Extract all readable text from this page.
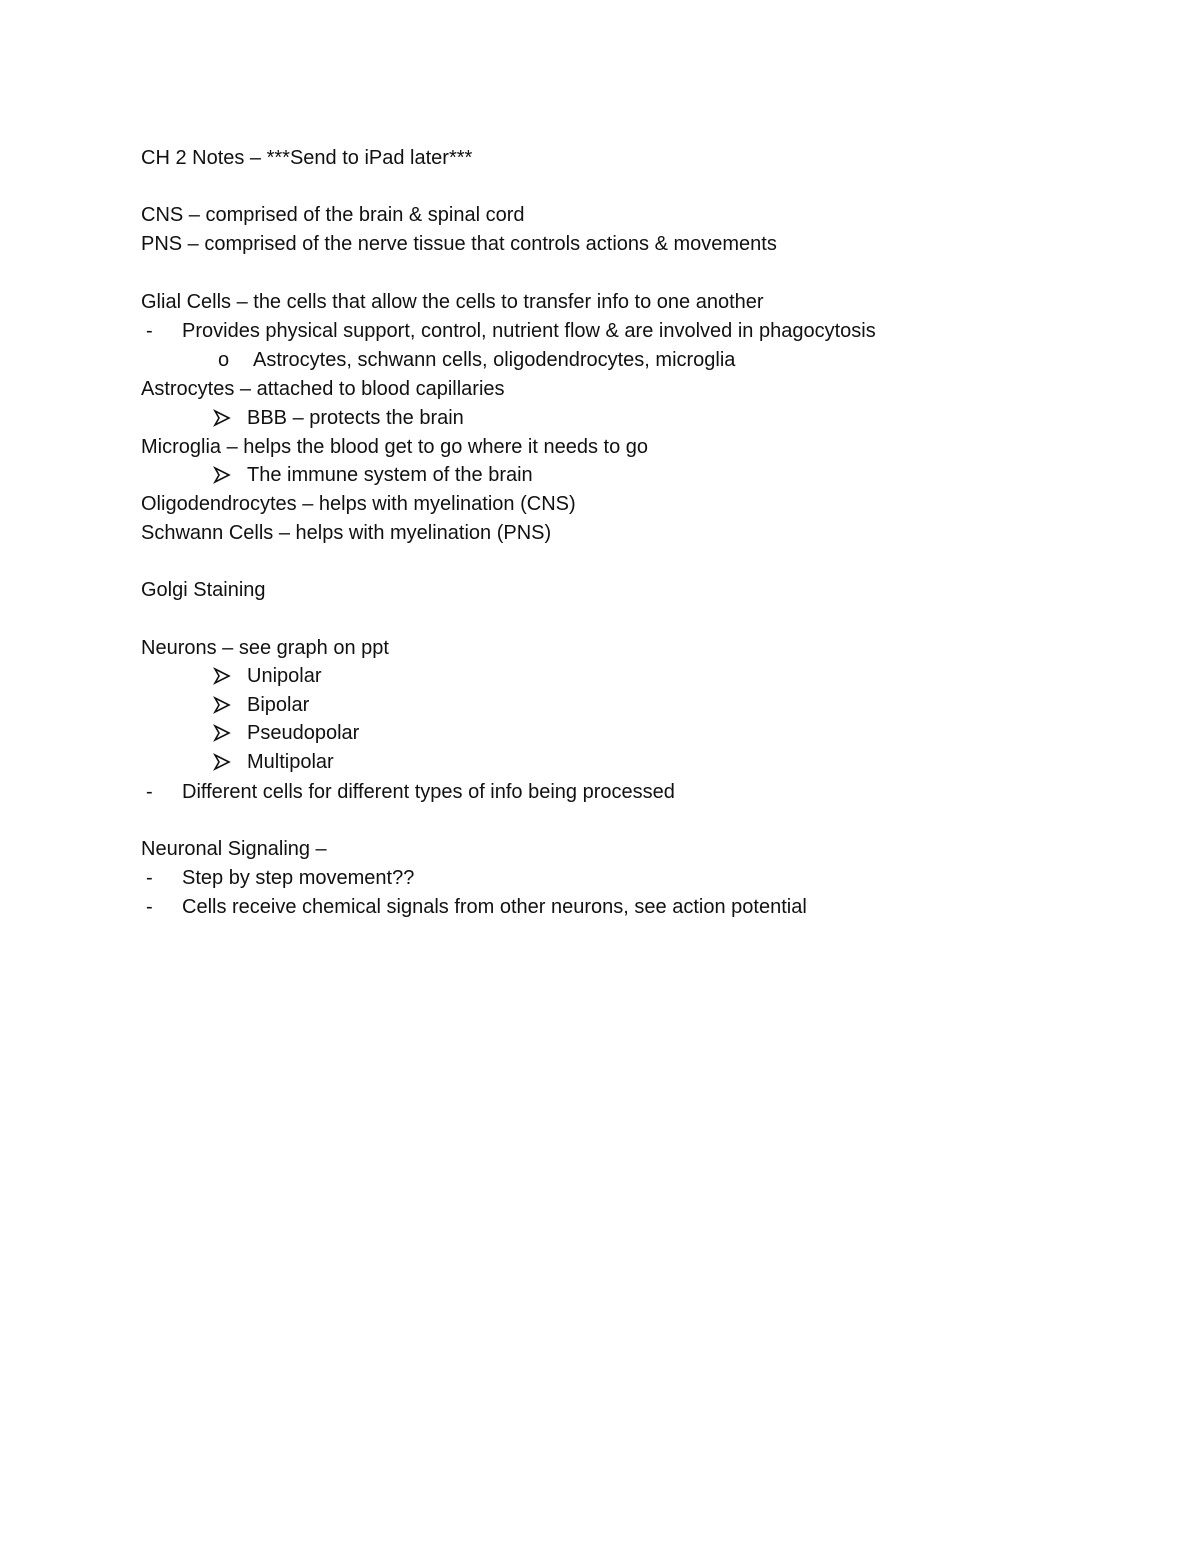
CH 2 Notes – ***Send to iPad later***
CNS – comprised of the brain & spinal cord
PNS – comprised of the nerve tissue that controls actions & movements
Glial Cells – the cells that allow the cells to transfer info to one another
- Provides physical support, control, nutrient flow & are involved in phagocytosis
o Astrocytes, schwann cells, oligodendrocytes, microglia
Astrocytes – attached to blood capillaries
BBB – protects the brain
Microglia – helps the blood get to go where it needs to go
The immune system of the brain
Oligodendrocytes – helps with myelination (CNS)
Schwann Cells – helps with myelination (PNS)
Golgi Staining
Neurons – see graph on ppt
Unipolar
Bipolar
Pseudopolar
Multipolar
- Different cells for different types of info being processed
Neuronal Signaling –
- Step by step movement??
- Cells receive chemical signals from other neurons, see action potential
